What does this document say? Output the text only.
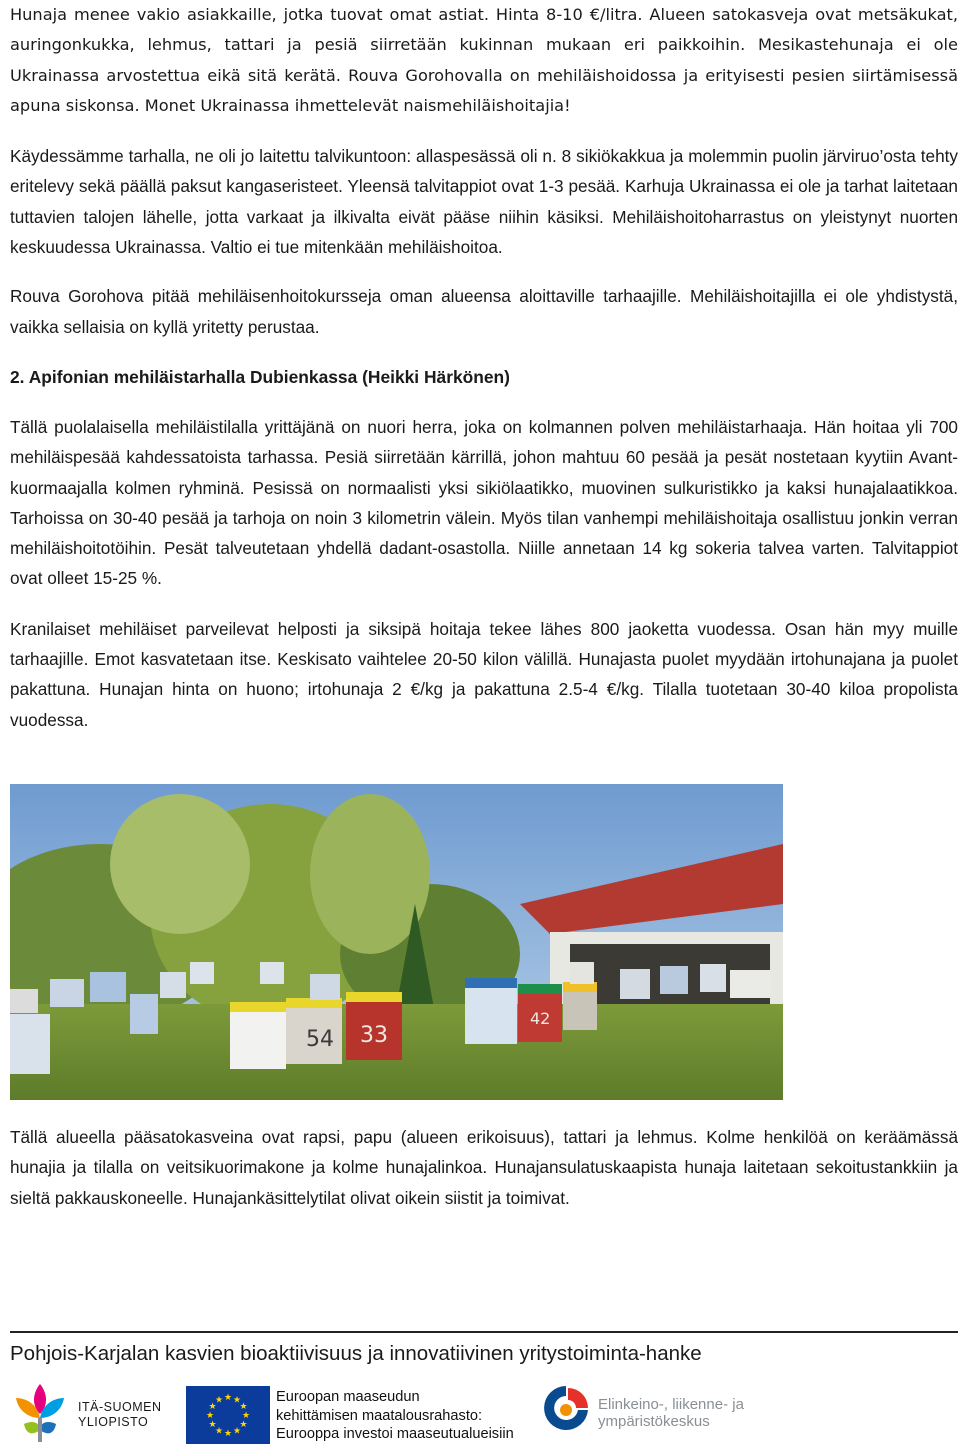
Hunaja menee vakio asiakkaille, jotka tuovat omat astiat. Hinta 8-10 €/litra. Alueen satokasveja ovat metsäkukat, auringonkukka, lehmus, tattari ja pesiä siirretään kukinnan mukaan eri paikkoihin. Mesikastehunaja ei ole Ukrainassa arvostettua eikä sitä kerätä. Rouva Gorohovalla on mehiläishoidossa ja erityisesti pesien siirtämisessä apuna siskonsa. Monet Ukrainassa ihmettelevät naismehiläishoitajia!

Käydessämme tarhalla, ne oli jo laitettu talvikuntoon: allaspesässä oli n. 8 sikiökakkua ja molemmin puolin järviruo’osta tehty eritelevy sekä päällä paksut kangaseristeet. Yleensä talvitappiot ovat 1-3 pesää. Karhuja Ukrainassa ei ole ja tarhat laitetaan tuttavien talojen lähelle, jotta varkaat ja ilkivalta eivät pääse niihin käsiksi. Mehiläishoitoharrastus on yleistynyt nuorten keskuudessa Ukrainassa. Valtio ei tue mitenkään mehiläishoitoa.

Rouva Gorohova pitää mehiläisenhoitokursseja oman alueensa aloittaville tarhaajille. Mehiläishoitajilla ei ole yhdistystä, vaikka sellaisia on kyllä yritetty perustaa.

2. Apifonian mehiläistarhalla Dubienkassa (Heikki Härkönen)

Tällä puolalaisella mehiläistilalla yrittäjänä on nuori herra, joka on kolmannen polven mehiläistarhaaja. Hän hoitaa yli 700 mehiläispesää kahdessatoista tarhassa. Pesiä siirretään kärrillä, johon mahtuu 60 pesää ja pesät nostetaan kyytiin Avant-kuormaajalla kolmen ryhminä. Pesissä on normaalisti yksi sikiölaatikko, muovinen sulkuristikko ja kaksi hunajalaatikkoa. Tarhoissa on 30-40 pesää ja tarhoja on noin 3 kilometrin välein. Myös tilan vanhempi mehiläishoitaja osallistuu jonkin verran mehiläishoitotöihin. Pesät talveutetaan yhdellä dadant-osastolla. Niille annetaan 14 kg sokeria talvea varten. Talvitappiot ovat olleet 15-25 %.

Kranilaiset mehiläiset parveilevat helposti ja siksipä hoitaja tekee lähes 800 jaoketta vuodessa. Osan hän myy muille tarhaajille. Emot kasvatetaan itse. Keskisato vaihtelee 20-50 kilon välillä. Hunajasta puolet myydään irtohunajana ja puolet pakattuna. Hunajan hinta on huono; irtohunaja 2 €/kg ja pakattuna 2.5-4 €/kg. Tilalla tuotetaan 30-40 kiloa propolista vuodessa.

54 33
42

Tällä alueella pääsatokasveina ovat rapsi, papu (alueen erikoisuus), tattari ja lehmus. Kolme henkilöä on keräämässä hunajia ja tilalla on veitsikuorimakone ja kolme hunajalinkoa. Hunajansulatuskaapista hunaja laitetaan sekoitustankkiin ja sieltä pakkauskoneelle. Hunajankäsittelytilat olivat oikein siistit ja toimivat.

Pohjois-Karjalan kasvien bioaktiivisuus ja innovatiivinen yritystoiminta-hanke
ITÄ-SUOMEN
YLIOPISTO
★ ★
★
★
★
★
★
★
★
★
★
★	Euroopan maaseudun
kehittämisen maatalousrahasto:
Eurooppa investoi maaseutualueisiin
Elinkeino-, liikenne- ja
ympäristökeskus
